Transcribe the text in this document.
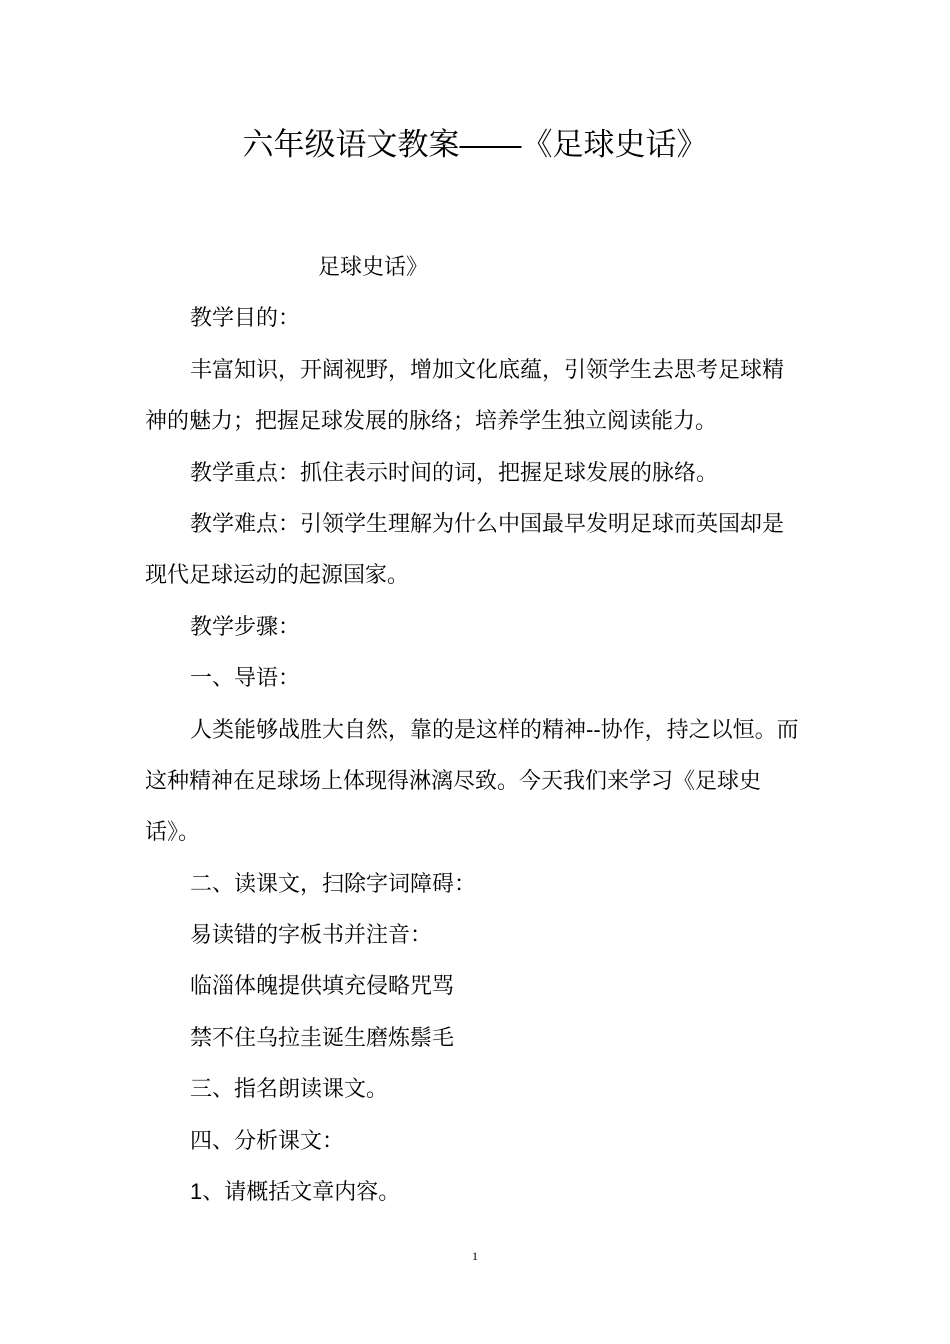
六年级语文教案——《足球史话》
足球史话》
教学目的：
丰富知识，开阔视野，增加文化底蕴，引领学生去思考足球精
神的魅力；把握足球发展的脉络；培养学生独立阅读能力。
教学重点：抓住表示时间的词，把握足球发展的脉络。
教学难点：引领学生理解为什么中国最早发明足球而英国却是
现代足球运动的起源国家。
教学步骤：
一、导语：
人类能够战胜大自然，靠的是这样的精神--协作，持之以恒。而
这种精神在足球场上体现得淋漓尽致。今天我们来学习《足球史
话》。
二、读课文，扫除字词障碍：
易读错的字板书并注音：
临淄体魄提供填充侵略咒骂
禁不住乌拉圭诞生磨炼鬃毛
三、指名朗读课文。
四、分析课文：
1、请概括文章内容。
1
